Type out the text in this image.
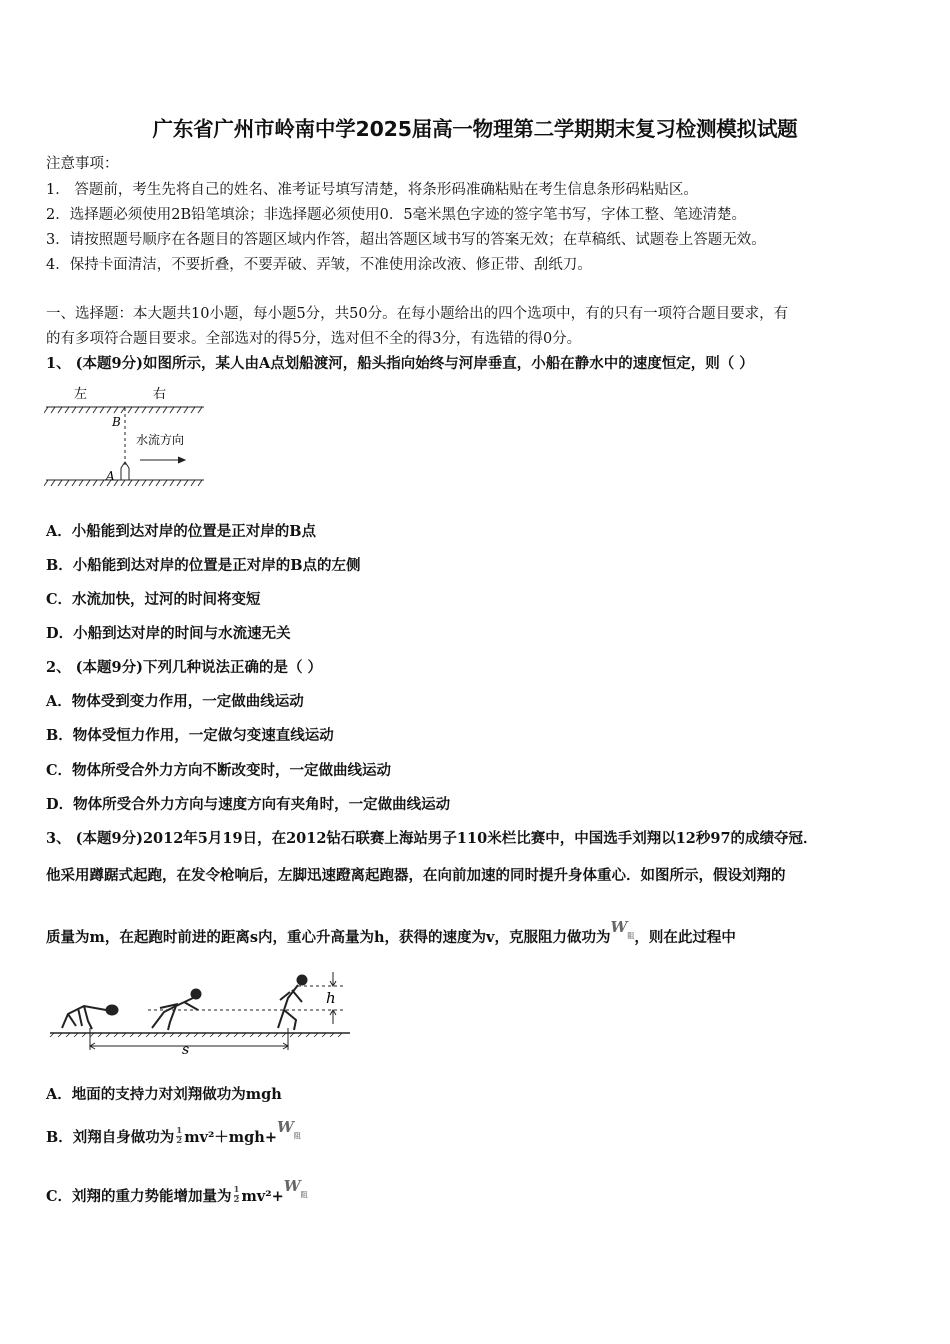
广东省广州市岭南中学2025届高一物理第二学期期末复习检测模拟试题
注意事项：
1． 答题前，考生先将自己的姓名、准考证号填写清楚，将条形码准确粘贴在考生信息条形码粘贴区。
2．选择题必须使用2B铅笔填涂；非选择题必须使用0．5毫米黑色字迹的签字笔书写，字体工整、笔迹清楚。
3．请按照题号顺序在各题目的答题区域内作答，超出答题区域书写的答案无效；在草稿纸、试题卷上答题无效。
4．保持卡面清洁，不要折叠，不要弄破、弄皱，不准使用涂改液、修正带、刮纸刀。
一、选择题：本大题共10小题，每小题5分，共50分。在每小题给出的四个选项中，有的只有一项符合题目要求，有
的有多项符合题目要求。全部选对的得5分，选对但不全的得3分，有选错的得0分。
1、 (本题9分)如图所示，某人由A点划船渡河，船头指向始终与河岸垂直，小船在静水中的速度恒定，则（ ）
左	右
B
A
水流方向
A．小船能到达对岸的位置是正对岸的B点
B．小船能到达对岸的位置是正对岸的B点的左侧
C．水流加快，过河的时间将变短
D．小船到达对岸的时间与水流速无关
2、 (本题9分)下列几种说法正确的是（ ）
A．物体受到变力作用，一定做曲线运动
B．物体受恒力作用，一定做匀变速直线运动
C．物体所受合外力方向不断改变时，一定做曲线运动
D．物体所受合外力方向与速度方向有夹角时，一定做曲线运动
3、 (本题9分)2012年5月19日，在2012钻石联赛上海站男子110米栏比赛中，中国选手刘翔以12秒97的成绩夺冠．
他采用蹲踞式起跑，在发令枪响后，左脚迅速蹬离起跑器，在向前加速的同时提升身体重心．如图所示，假设刘翔的
质量为m，在起跑时前进的距离s内，重心升高量为h，获得的速度为v，克服阻力做功为$W_阻$，则在此过程中
h
s
A．地面的支持力对刘翔做功为mgh
B．刘翔自身做功为 $\frac{1}{2} mv^2+mgh+W_阻$
C．刘翔的重力势能增加量为 $\frac{1}{2} mv^2+W_阻$
